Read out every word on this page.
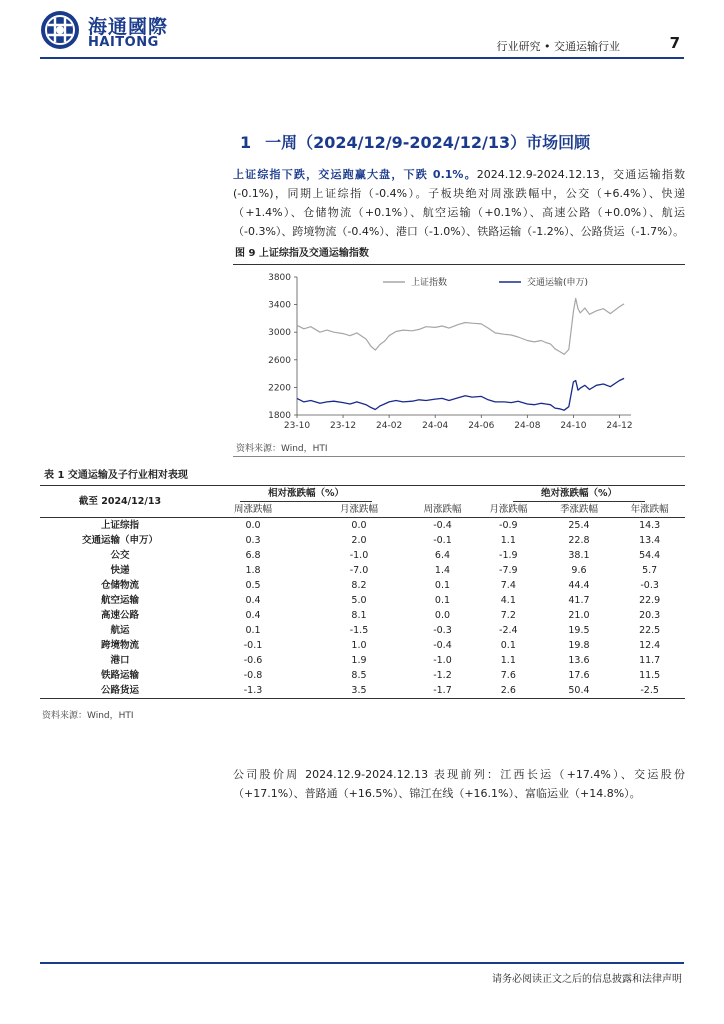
海通國際
HAITONG	行业研究 • 交通运输行业	7
1 一周（2024/12/9-2024/12/13）市场回顾
上证综指下跌，交运跑赢大盘，下跌 0.1%。2024.12.9-2024.12.13，交通运输指数(-0.1%)，同期上证综指（-0.4%）。子板块绝对周涨跌幅中，公交（+6.4%）、快递（+1.4%）、仓储物流（+0.1%）、航空运输（+0.1%）、高速公路（+0.0%）、航运（-0.3%）、跨境物流（-0.4%）、港口（-1.0%）、铁路运输（-1.2%）、公路货运（-1.7%）。
图 9 上证综指及交通运输指数
3800
3400
3000
2600
2200
1800
23-10 23-12 24-02 24-04 24-06 24-08 24-10 24-12
上证指数	交通运输(申万)
资料来源：Wind，HTI
表 1 交通运输及子行业相对表现
截至 2024/12/13	相对涨跌幅（%）			绝对涨跌幅（%）		
	周涨跌幅	月涨跌幅	周涨跌幅	月涨跌幅	季涨跌幅	年涨跌幅
上证综指	0.0	0.0	-0.4	-0.9	25.4	14.3
交通运输（申万）	0.3	2.0	-0.1	1.1	22.8	13.4
公交	6.8	-1.0	6.4	-1.9	38.1	54.4
快递	1.8	-7.0	1.4	-7.9	9.6	5.7
仓储物流	0.5	8.2	0.1	7.4	44.4	-0.3
航空运输	0.4	5.0	0.1	4.1	41.7	22.9
高速公路	0.4	8.1	0.0	7.2	21.0	20.3
航运	0.1	-1.5	-0.3	-2.4	19.5	22.5
跨境物流	-0.1	1.0	-0.4	0.1	19.8	12.4
港口	-0.6	1.9	-1.0	1.1	13.6	11.7
铁路运输	-0.8	8.5	-1.2	7.6	17.6	11.5
公路货运	-1.3	3.5	-1.7	2.6	50.4	-2.5
资料来源：Wind，HTI
公司股价周 2024.12.9-2024.12.13 表现前列：江西长运（+17.4%）、交运股份（+17.1%）、普路通（+16.5%）、锦江在线（+16.1%）、富临运业（+14.8%）。
请务必阅读正文之后的信息披露和法律声明
